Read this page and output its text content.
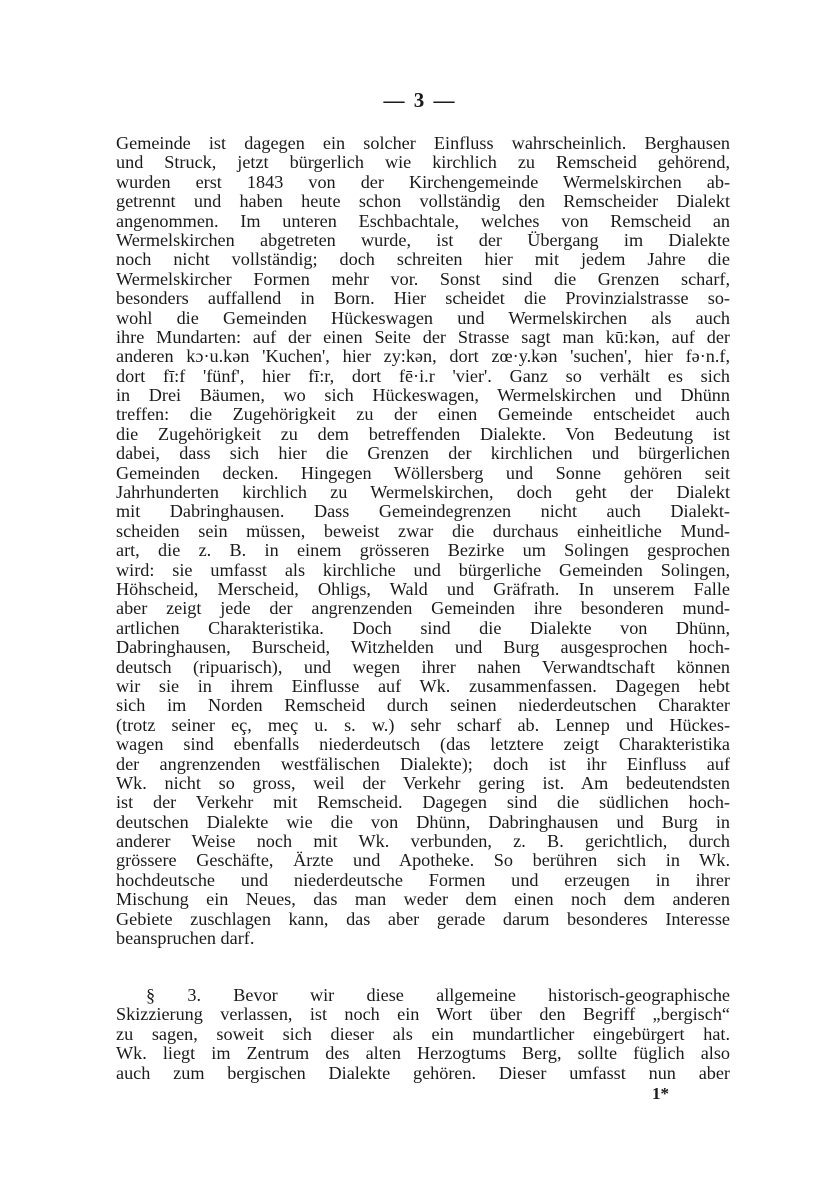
— 3 —
Gemeinde ist dagegen ein solcher Einfluss wahrscheinlich. Berghausen
und Struck, jetzt bürgerlich wie kirchlich zu Remscheid gehörend,
wurden erst 1843 von der Kirchengemeinde Wermelskirchen ab-
getrennt und haben heute schon vollständig den Remscheider Dialekt
angenommen. Im unteren Eschbachtale, welches von Remscheid an
Wermelskirchen abgetreten wurde, ist der Übergang im Dialekte
noch nicht vollständig; doch schreiten hier mit jedem Jahre die
Wermelskircher Formen mehr vor. Sonst sind die Grenzen scharf,
besonders auffallend in Born. Hier scheidet die Provinzialstrasse so-
wohl die Gemeinden Hückeswagen und Wermelskirchen als auch
ihre Mundarten: auf der einen Seite der Strasse sagt man kū:kən, auf der
anderen kɔ·u.kən 'Kuchen', hier zy:kən, dort zœ·y.kən 'suchen', hier fə·n.f,
dort fī:f 'fünf', hier fī:r, dort fē·i.r 'vier'. Ganz so verhält es sich
in Drei Bäumen, wo sich Hückeswagen, Wermelskirchen und Dhünn
treffen: die Zugehörigkeit zu der einen Gemeinde entscheidet auch
die Zugehörigkeit zu dem betreffenden Dialekte. Von Bedeutung ist
dabei, dass sich hier die Grenzen der kirchlichen und bürgerlichen
Gemeinden decken. Hingegen Wöllersberg und Sonne gehören seit
Jahrhunderten kirchlich zu Wermelskirchen, doch geht der Dialekt
mit Dabringhausen. Dass Gemeindegrenzen nicht auch Dialekt-
scheiden sein müssen, beweist zwar die durchaus einheitliche Mund-
art, die z. B. in einem grösseren Bezirke um Solingen gesprochen
wird: sie umfasst als kirchliche und bürgerliche Gemeinden Solingen,
Höhscheid, Merscheid, Ohligs, Wald und Gräfrath. In unserem Falle
aber zeigt jede der angrenzenden Gemeinden ihre besonderen mund-
artlichen Charakteristika. Doch sind die Dialekte von Dhünn,
Dabringhausen, Burscheid, Witzhelden und Burg ausgesprochen hoch-
deutsch (ripuarisch), und wegen ihrer nahen Verwandtschaft können
wir sie in ihrem Einflusse auf Wk. zusammenfassen. Dagegen hebt
sich im Norden Remscheid durch seinen niederdeutschen Charakter
(trotz seiner eç, meç u. s. w.) sehr scharf ab. Lennep und Hückes-
wagen sind ebenfalls niederdeutsch (das letztere zeigt Charakteristika
der angrenzenden westfälischen Dialekte); doch ist ihr Einfluss auf
Wk. nicht so gross, weil der Verkehr gering ist. Am bedeutendsten
ist der Verkehr mit Remscheid. Dagegen sind die südlichen hoch-
deutschen Dialekte wie die von Dhünn, Dabringhausen und Burg in
anderer Weise noch mit Wk. verbunden, z. B. gerichtlich, durch
grössere Geschäfte, Ärzte und Apotheke. So berühren sich in Wk.
hochdeutsche und niederdeutsche Formen und erzeugen in ihrer
Mischung ein Neues, das man weder dem einen noch dem anderen
Gebiete zuschlagen kann, das aber gerade darum besonderes Interesse
beanspruchen darf.
§ 3. Bevor wir diese allgemeine historisch-geographische
Skizzierung verlassen, ist noch ein Wort über den Begriff „bergisch“
zu sagen, soweit sich dieser als ein mundartlicher eingebürgert hat.
Wk. liegt im Zentrum des alten Herzogtums Berg, sollte füglich also
auch zum bergischen Dialekte gehören. Dieser umfasst nun aber
1*
